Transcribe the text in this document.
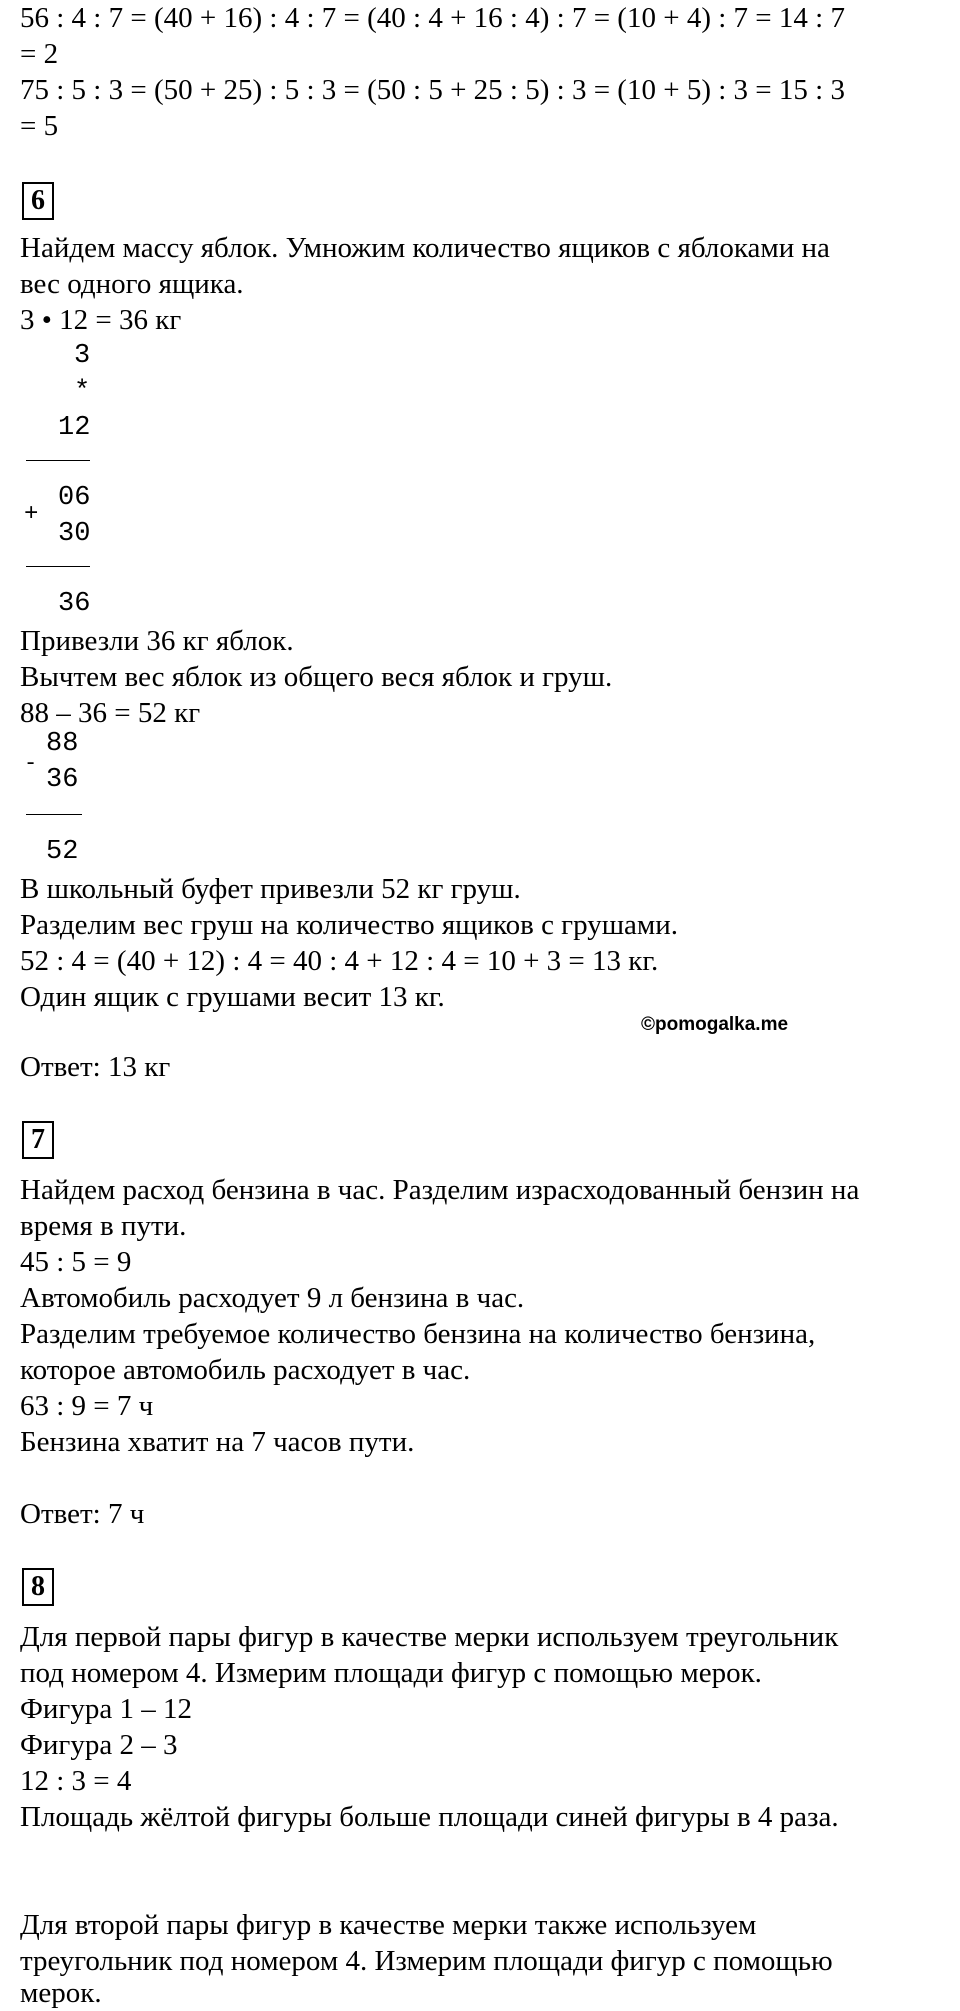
56 : 4 : 7 = (40 + 16) : 4 : 7 = (40 : 4 + 16 : 4) : 7 = (10 + 4) : 7 = 14 : 7
= 2
75 : 5 : 3 = (50 + 25) : 5 : 3 = (50 : 5 + 25 : 5) : 3 = (10 + 5) : 3 = 15 : 3
= 5
6
Найдем массу яблок. Умножим количество ящиков с яблоками на
вес одного ящика.
3 • 12 = 36 кг
3
*
12
06
+
30
36
Привезли 36 кг яблок.
Вычтем вес яблок из общего веся яблок и груш.
88 – 36 = 52 кг
-
88
36
52
В школьный буфет привезли 52 кг груш.
Разделим вес груш на количество ящиков с грушами.
52 : 4 = (40 + 12) : 4 = 40 : 4 + 12 : 4 = 10 + 3 = 13 кг.
Один ящик с грушами весит 13 кг.
©pomogalka.me
Ответ: 13 кг
7
Найдем расход бензина в час. Разделим израсходованный бензин на
время в пути.
45 : 5 = 9
Автомобиль расходует 9 л бензина в час.
Разделим требуемое количество бензина на количество бензина,
которое автомобиль расходует в час.
63 : 9 = 7 ч
Бензина хватит на 7 часов пути.
Ответ: 7 ч
8
Для первой пары фигур в качестве мерки используем треугольник
под номером 4. Измерим площади фигур с помощью мерок.
Фигура 1 – 12
Фигура 2 – 3
12 : 3 = 4
Площадь жёлтой фигуры больше площади синей фигуры в 4 раза.
Для второй пары фигур в качестве мерки также используем
треугольник под номером 4. Измерим площади фигур с помощью
мерок.
